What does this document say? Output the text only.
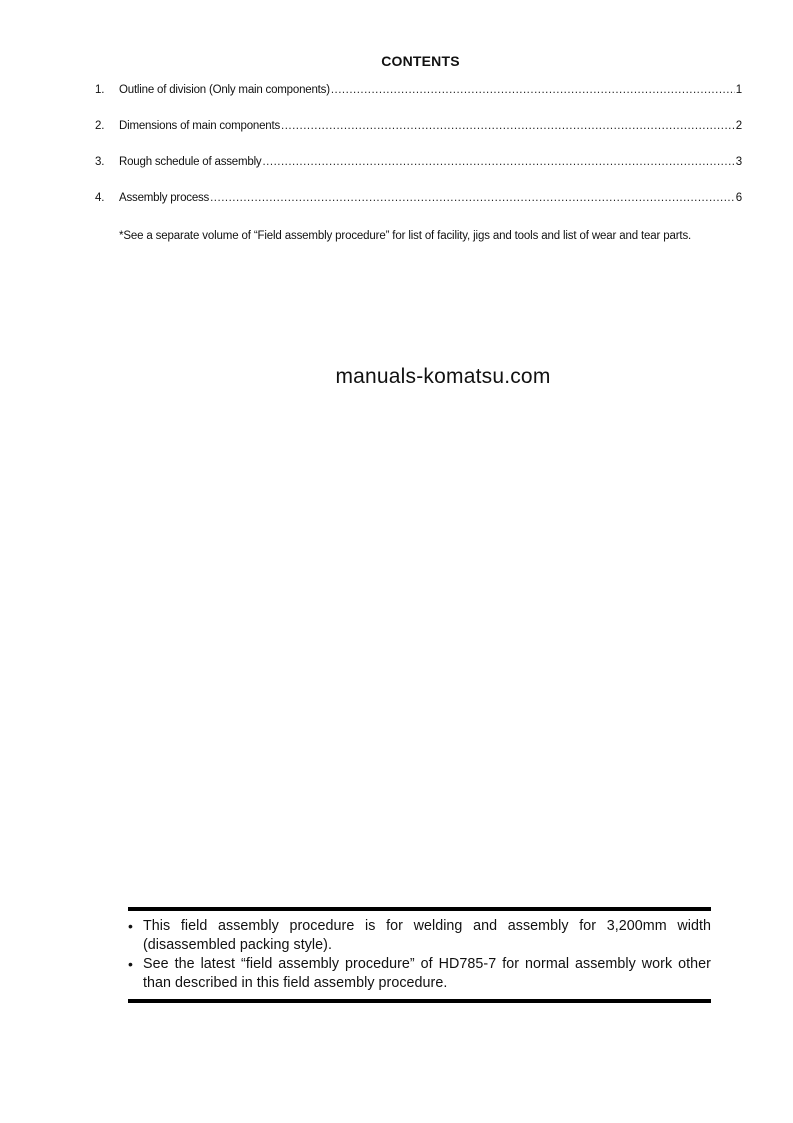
CONTENTS
1.	Outline of division (Only main components) .....	1
2.	Dimensions of main components .....	2
3.	Rough schedule of assembly .....	3
4.	Assembly process .....	6

*See a separate volume of “Field assembly procedure” for list of facility, jigs and tools and list of wear and tear parts.

manuals-komatsu.com
• This field assembly procedure is for welding and assembly for 3,200mm width (disassembled packing style).
• See the latest “field assembly procedure” of HD785-7 for normal assembly work other than described in this field assembly procedure.
